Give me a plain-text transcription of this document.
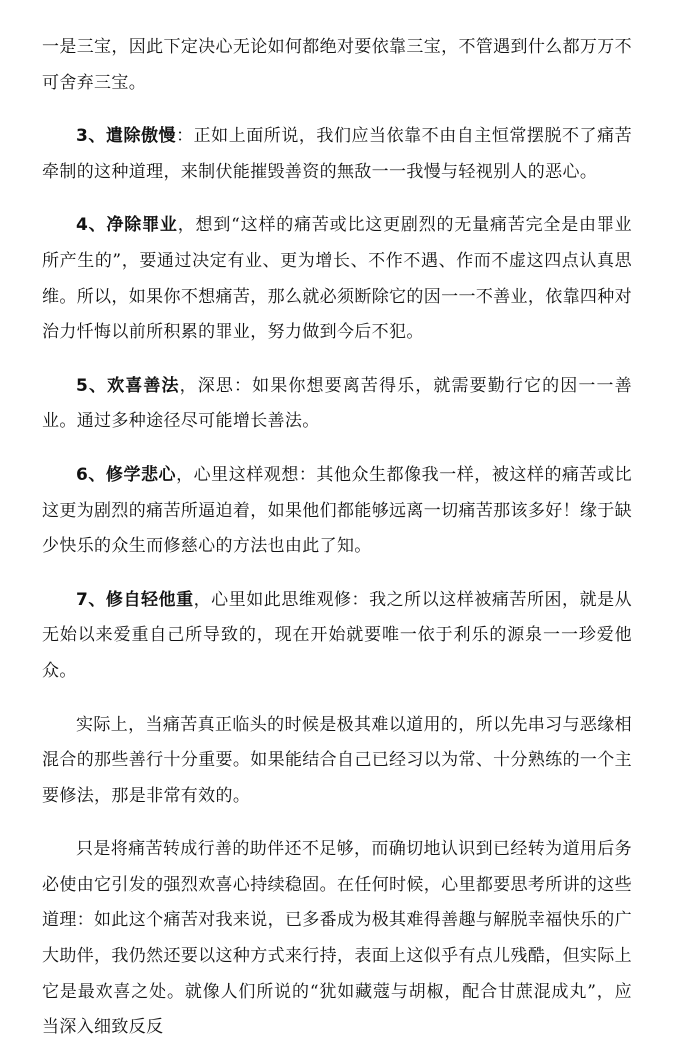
一是三宝，因此下定决心无论如何都绝对要依靠三宝，不管遇到什么都万万不可舍弃三宝。

3、遣除傲慢：正如上面所说，我们应当依靠不由自主恒常摆脱不了痛苦牵制的这种道理，来制伏能摧毁善资的無敌一一我慢与轻视别人的恶心。

4、净除罪业，想到“这样的痛苦或比这更剧烈的无量痛苦完全是由罪业所产生的”，要通过决定有业、更为增长、不作不遇、作而不虚这四点认真思维。所以，如果你不想痛苦，那么就必须断除它的因一一不善业，依靠四种对治力忏悔以前所积累的罪业，努力做到今后不犯。

5、欢喜善法，深思：如果你想要离苦得乐，就需要勤行它的因一一善业。通过多种途径尽可能增长善法。

6、修学悲心，心里这样观想：其他众生都像我一样，被这样的痛苦或比这更为剧烈的痛苦所逼迫着，如果他们都能够远离一切痛苦那该多好！缘于缺少快乐的众生而修慈心的方法也由此了知。

7、修自轻他重，心里如此思维观修：我之所以这样被痛苦所困，就是从无始以来爱重自己所导致的，现在开始就要唯一依于利乐的源泉一一珍爱他众。

实际上，当痛苦真正临头的时候是极其难以道用的，所以先串习与恶缘相混合的那些善行十分重要。如果能结合自己已经习以为常、十分熟练的一个主要修法，那是非常有效的。

只是将痛苦转成行善的助伴还不足够，而确切地认识到已经转为道用后务必使由它引发的强烈欢喜心持续稳固。在任何时候，心里都要思考所讲的这些道理：如此这个痛苦对我来说，已多番成为极其难得善趣与解脱幸福快乐的广大助伴，我仍然还要以这种方式来行持，表面上这似乎有点儿残酷，但实际上它是最欢喜之处。就像人们所说的“犹如藏蔻与胡椒，配合甘蔗混成丸”，应当深入细致反反
